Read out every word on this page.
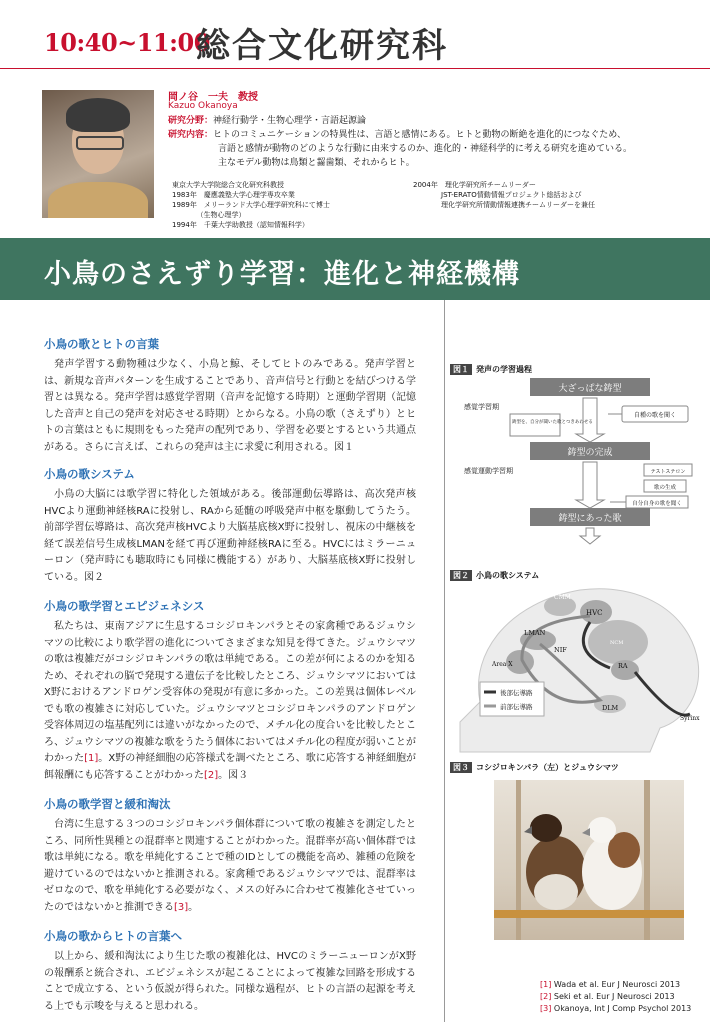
10:40~11:00
総合文化研究科
岡ノ谷　一夫　教授
Kazuo Okanoya
研究分野：神経行動学・生物心理学・言語起源論
研究内容：ヒトのコミュニケーションの特異性は、言語と感情にある。ヒトと動物の断絶を進化的につなぐため、
言語と感情が動物のどのような行動に由来するのか、進化的・神経科学的に考える研究を進めている。
主なモデル動物は鳥類と齧歯類、それからヒト。
東京大学大学院総合文化研究科教授
1983年　慶應義塾大学心理学専攻卒業
1989年　メリーランド大学心理学研究科にて博士
　　　　（生物心理学）
1994年　千葉大学助教授（認知情報科学）
2004年　理化学研究所チームリーダー
　　　　JST-ERATO情動情報プロジェクト総括および
　　　　理化学研究所情動情報連携チームリーダーを兼任
小鳥のさえずり学習：進化と神経機構
小鳥の歌とヒトの言葉
発声学習する動物種は少なく、小鳥と鯨、そしてヒトのみである。発声学習とは、新規な音声パターンを生成することであり、音声信号と行動とを結びつける学習とは異なる。発声学習は感覚学習期（音声を記憶する時期）と運動学習期（記憶した音声と自己の発声を対応させる時期）とからなる。小鳥の歌（さえずり）とヒトの言葉はともに規則をもった発声の配列であり、学習を必要とするという共通点がある。さらに言えば、これらの発声は主に求愛に利用される。図１
小鳥の歌システム
小鳥の大脳には歌学習に特化した領域がある。後部運動伝導路は、高次発声核HVCより運動神経核RAに投射し、RAから延髄の呼吸発声中枢を駆動してうたう。前部学習伝導路は、高次発声核HVCより大脳基底核X野に投射し、視床の中継核を経て誤差信号生成核LMANを経て再び運動神経核RAに至る。HVCにはミラーニューロン（発声時にも聴取時にも同様に機能する）があり、大脳基底核X野に投射している。図２
小鳥の歌学習とエピジェネシス
私たちは、東南アジアに生息するコシジロキンパラとその家禽種であるジュウシマツの比較により歌学習の進化についてさまざまな知見を得てきた。ジュウシマツの歌は複雑だがコシジロキンパラの歌は単純である。この差が何によるのかを知るため、それぞれの脳で発現する遺伝子を比較したところ、ジュウシマツにおいてはX野におけるアンドロゲン受容体の発現が有意に多かった。この差異は個体レベルでも歌の複雑さに対応していた。ジュウシマツとコシジロキンパラのアンドロゲン受容体周辺の塩基配列には違いがなかったので、メチル化の度合いを比較したところ、ジュウシマツの複雑な歌をうたう個体においてはメチル化の程度が弱いことがわかった[1]。X野の神経細胞の応答様式を調べたところ、歌に応答する神経細胞が餌報酬にも応答することがわかった[2]。図３
小鳥の歌学習と緩和淘汰
台湾に生息する３つのコシジロキンパラ個体群について歌の複雑さを測定したところ、同所性異種との混群率と関連することがわかった。混群率が高い個体群では歌は単純になる。歌を単純化することで種のIDとしての機能を高め、雑種の危険を避けているのではないかと推測される。家禽種であるジュウシマツでは、混群率はゼロなので、歌を単純化する必要がなく、メスの好みに合わせて複雑化させていったのではないかと推測できる[3]。
小鳥の歌からヒトの言葉へ
以上から、緩和淘汰により生じた歌の複雑化は、HVCのミラーニューロンがX野の報酬系と統合され、エピジェネシスが起こることによって複雑な回路を形成することで成立する、という仮説が得られた。同様な過程が、ヒトの言語の起源を考える上でも示唆を与えると思われる。
図１ 発声の学習過程
大ざっぱな鋳型
感覚学習期
鋳型を、自分が聞いた歌とつきあわせる
自種の歌を聞く
鋳型の完成
感覚運動学習期	テストステロン
歌の生成
自分自身の歌を聞く
鋳型にあった歌
図２ 小鳥の歌システム
CMM
HVC
NCM
LMAN
NIF
Area X	RA
DLM
Syrinx
後部伝導路
前部伝導路
図３ コシジロキンパラ（左）とジュウシマツ
[1] Wada et al. Eur J Neurosci 2013
[2] Seki et al. Eur J Neurosci 2013
[3] Okanoya, Int J Comp Psychol 2013
